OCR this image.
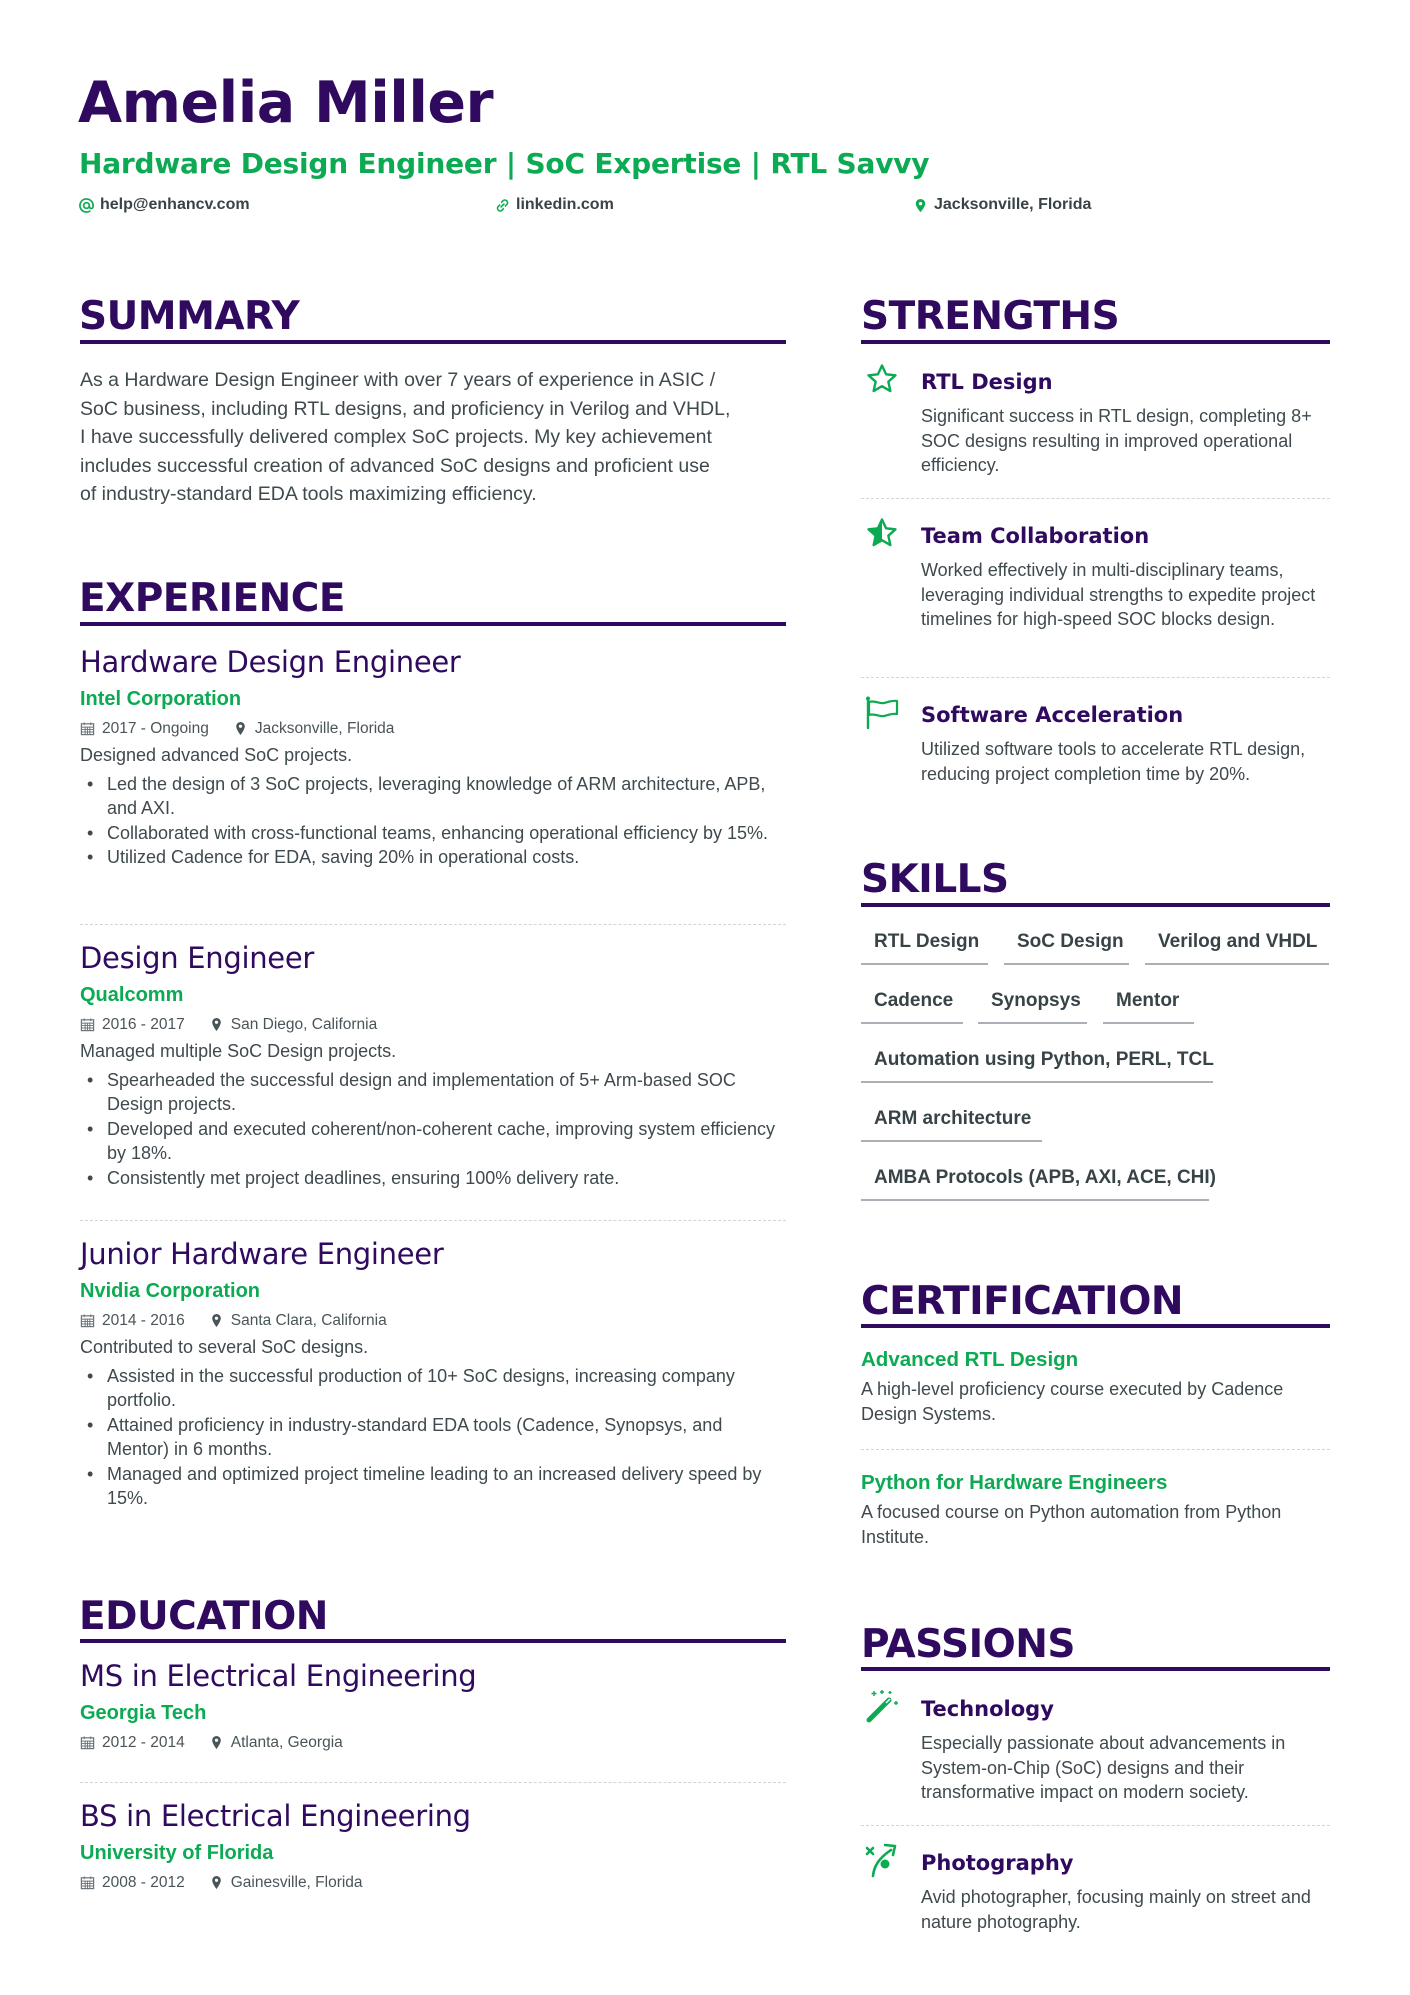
Amelia Miller
Hardware Design Engineer | SoC Expertise | RTL Savvy
help@enhancv.com	linkedin.com	Jacksonville, Florida
SUMMARY
As a Hardware Design Engineer with over 7 years of experience in ASIC /
SoC business, including RTL designs, and proficiency in Verilog and VHDL,
I have successfully delivered complex SoC projects. My key achievement
includes successful creation of advanced SoC designs and proficient use
of industry-standard EDA tools maximizing efficiency.
EXPERIENCE
Hardware Design Engineer
Intel Corporation
2017 - Ongoing	Jacksonville, Florida
Designed advanced SoC projects.
• Led the design of 3 SoC projects, leveraging knowledge of ARM architecture, APB, and AXI.
• Collaborated with cross-functional teams, enhancing operational efficiency by 15%.
• Utilized Cadence for EDA, saving 20% in operational costs.
Design Engineer
Qualcomm
2016 - 2017	San Diego, California
Managed multiple SoC Design projects.
• Spearheaded the successful design and implementation of 5+ Arm-based SOC Design projects.
• Developed and executed coherent/non-coherent cache, improving system efficiency by 18%.
• Consistently met project deadlines, ensuring 100% delivery rate.
Junior Hardware Engineer
Nvidia Corporation
2014 - 2016	Santa Clara, California
Contributed to several SoC designs.
• Assisted in the successful production of 10+ SoC designs, increasing company portfolio.
• Attained proficiency in industry-standard EDA tools (Cadence, Synopsys, and Mentor) in 6 months.
• Managed and optimized project timeline leading to an increased delivery speed by 15%.
EDUCATION
MS in Electrical Engineering
Georgia Tech
2012 - 2014	Atlanta, Georgia
BS in Electrical Engineering
University of Florida
2008 - 2012	Gainesville, Florida
STRENGTHS
RTL Design
Significant success in RTL design, completing 8+ SOC designs resulting in improved operational efficiency.
Team Collaboration
Worked effectively in multi-disciplinary teams, leveraging individual strengths to expedite project timelines for high-speed SOC blocks design.
Software Acceleration
Utilized software tools to accelerate RTL design, reducing project completion time by 20%.
SKILLS
RTL Design	SoC Design	Verilog and VHDL
Cadence	Synopsys	Mentor
Automation using Python, PERL, TCL
ARM architecture
AMBA Protocols (APB, AXI, ACE, CHI)
CERTIFICATION
Advanced RTL Design
A high-level proficiency course executed by Cadence Design Systems.
Python for Hardware Engineers
A focused course on Python automation from Python Institute.
PASSIONS
Technology
Especially passionate about advancements in System-on-Chip (SoC) designs and their transformative impact on modern society.
Photography
Avid photographer, focusing mainly on street and nature photography.
